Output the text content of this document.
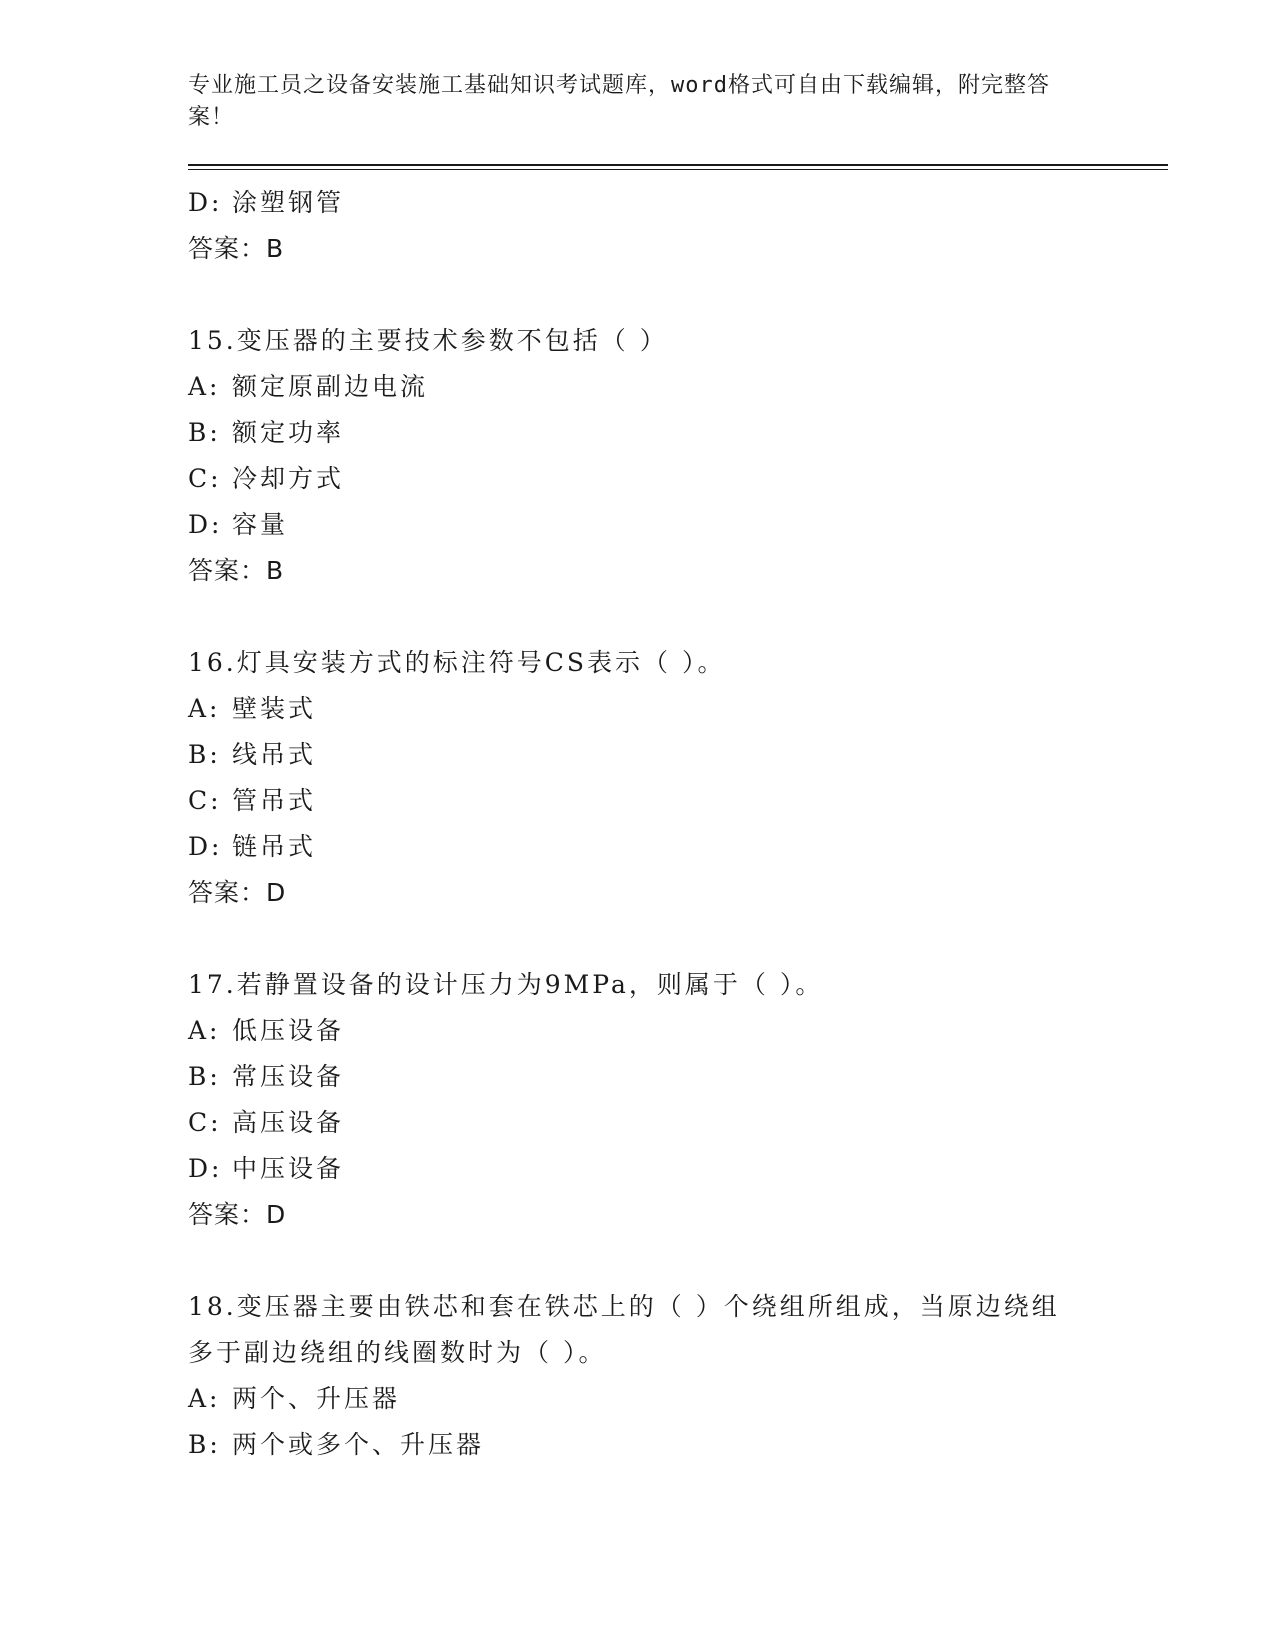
专业施工员之设备安装施工基础知识考试题库，word格式可自由下载编辑，附完整答案！
D: 涂塑钢管
答案：B
15.变压器的主要技术参数不包括（ ）
A: 额定原副边电流
B: 额定功率
C: 冷却方式
D: 容量
答案：B
16.灯具安装方式的标注符号CS表示（ ）。
A: 壁装式
B: 线吊式
C: 管吊式
D: 链吊式
答案：D
17.若静置设备的设计压力为9MPa，则属于（ ）。
A: 低压设备
B: 常压设备
C: 高压设备
D: 中压设备
答案：D
18.变压器主要由铁芯和套在铁芯上的（ ）个绕组所组成，当原边绕组多于副边绕组的线圈数时为（ ）。
A: 两个、升压器
B: 两个或多个、升压器
